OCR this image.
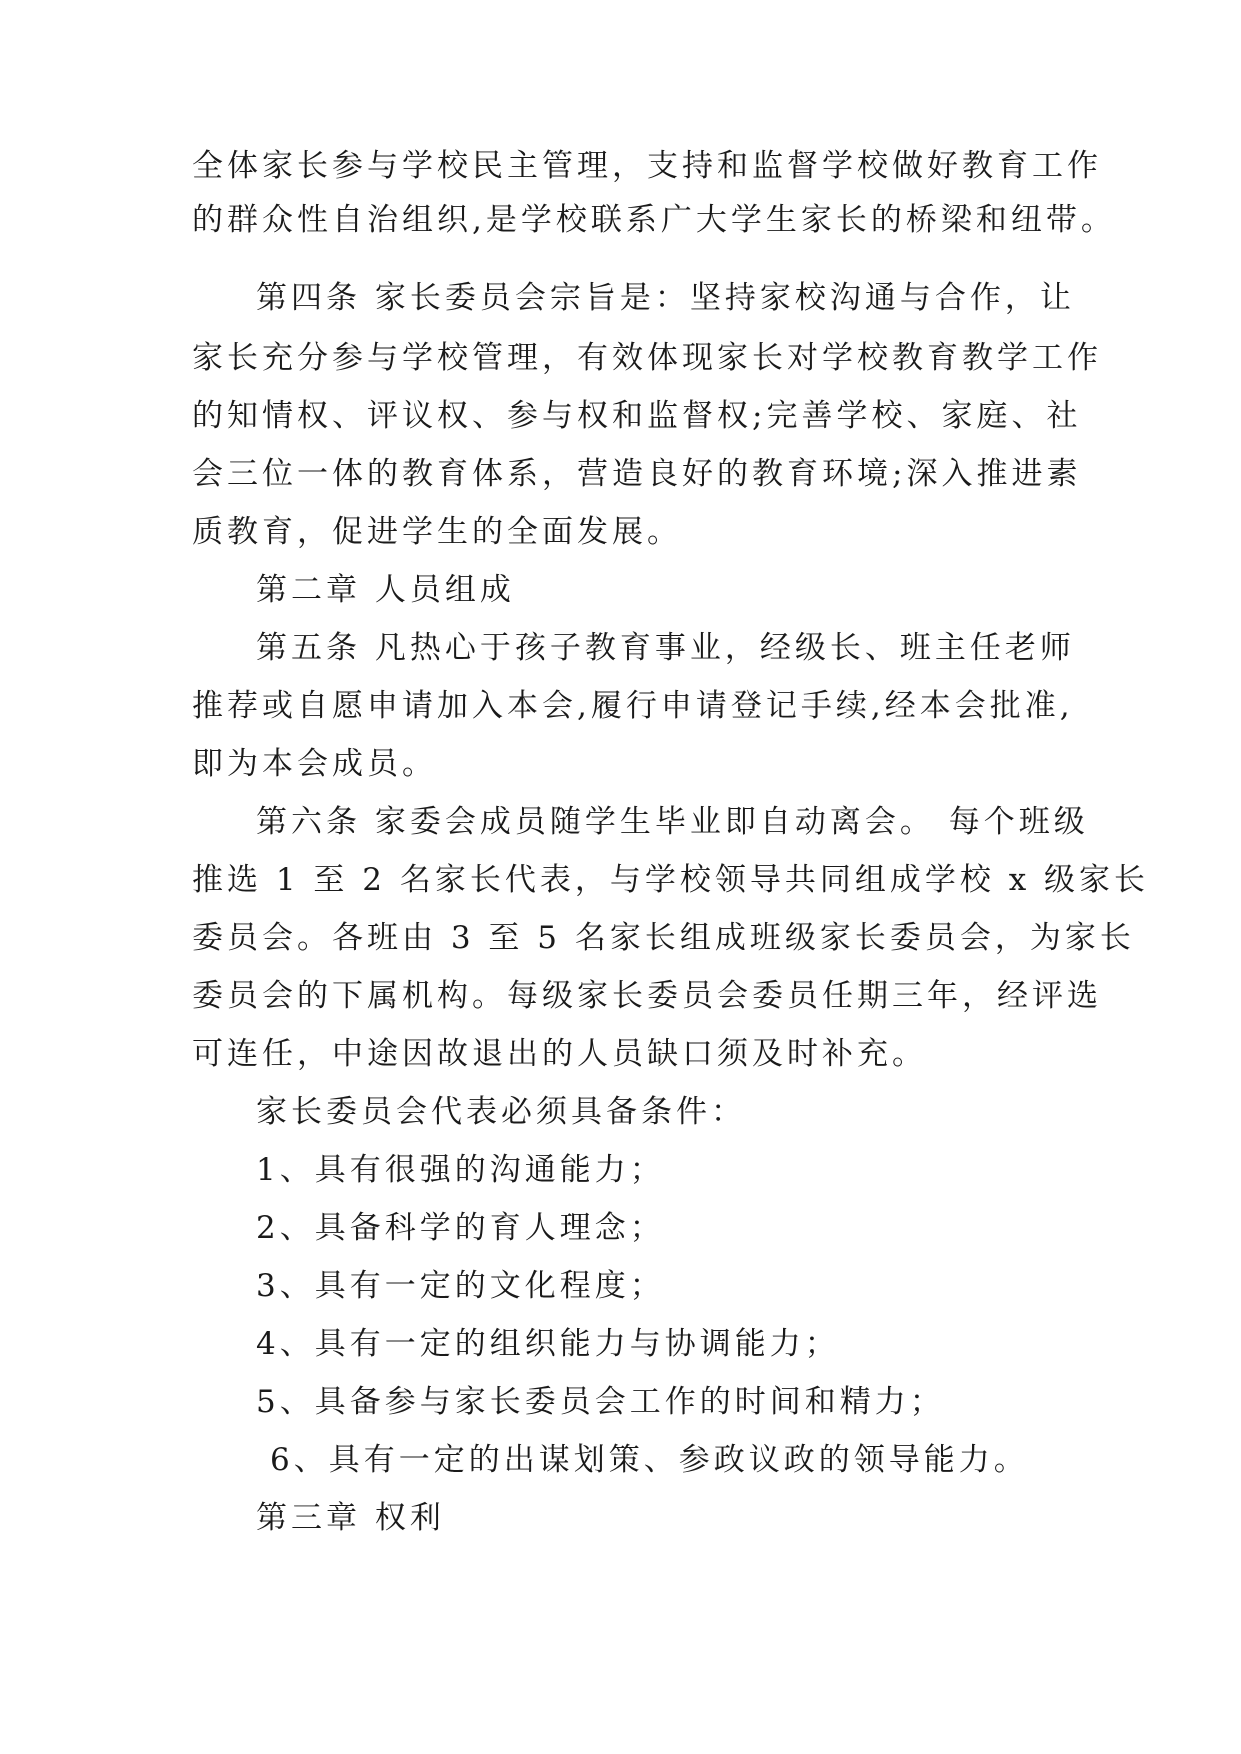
全体家长参与学校民主管理，支持和监督学校做好教育工作
的群众性自治组织,是学校联系广大学生家长的桥梁和纽带。
第四条 家长委员会宗旨是：坚持家校沟通与合作，让
家长充分参与学校管理，有效体现家长对学校教育教学工作
的知情权、评议权、参与权和监督权;完善学校、家庭、社
会三位一体的教育体系，营造良好的教育环境;深入推进素
质教育，促进学生的全面发展。
第二章 人员组成
第五条 凡热心于孩子教育事业，经级长、班主任老师
推荐或自愿申请加入本会,履行申请登记手续,经本会批准,
即为本会成员。
第六条 家委会成员随学生毕业即自动离会。 每个班级
推选 1 至 2 名家长代表，与学校领导共同组成学校 x 级家长
委员会。各班由 3 至 5 名家长组成班级家长委员会，为家长
委员会的下属机构。每级家长委员会委员任期三年，经评选
可连任，中途因故退出的人员缺口须及时补充。
家长委员会代表必须具备条件：
1、具有很强的沟通能力；
2、具备科学的育人理念；
3、具有一定的文化程度；
4、具有一定的组织能力与协调能力；
5、具备参与家长委员会工作的时间和精力；
6、具有一定的出谋划策、参政议政的领导能力。
第三章 权利
